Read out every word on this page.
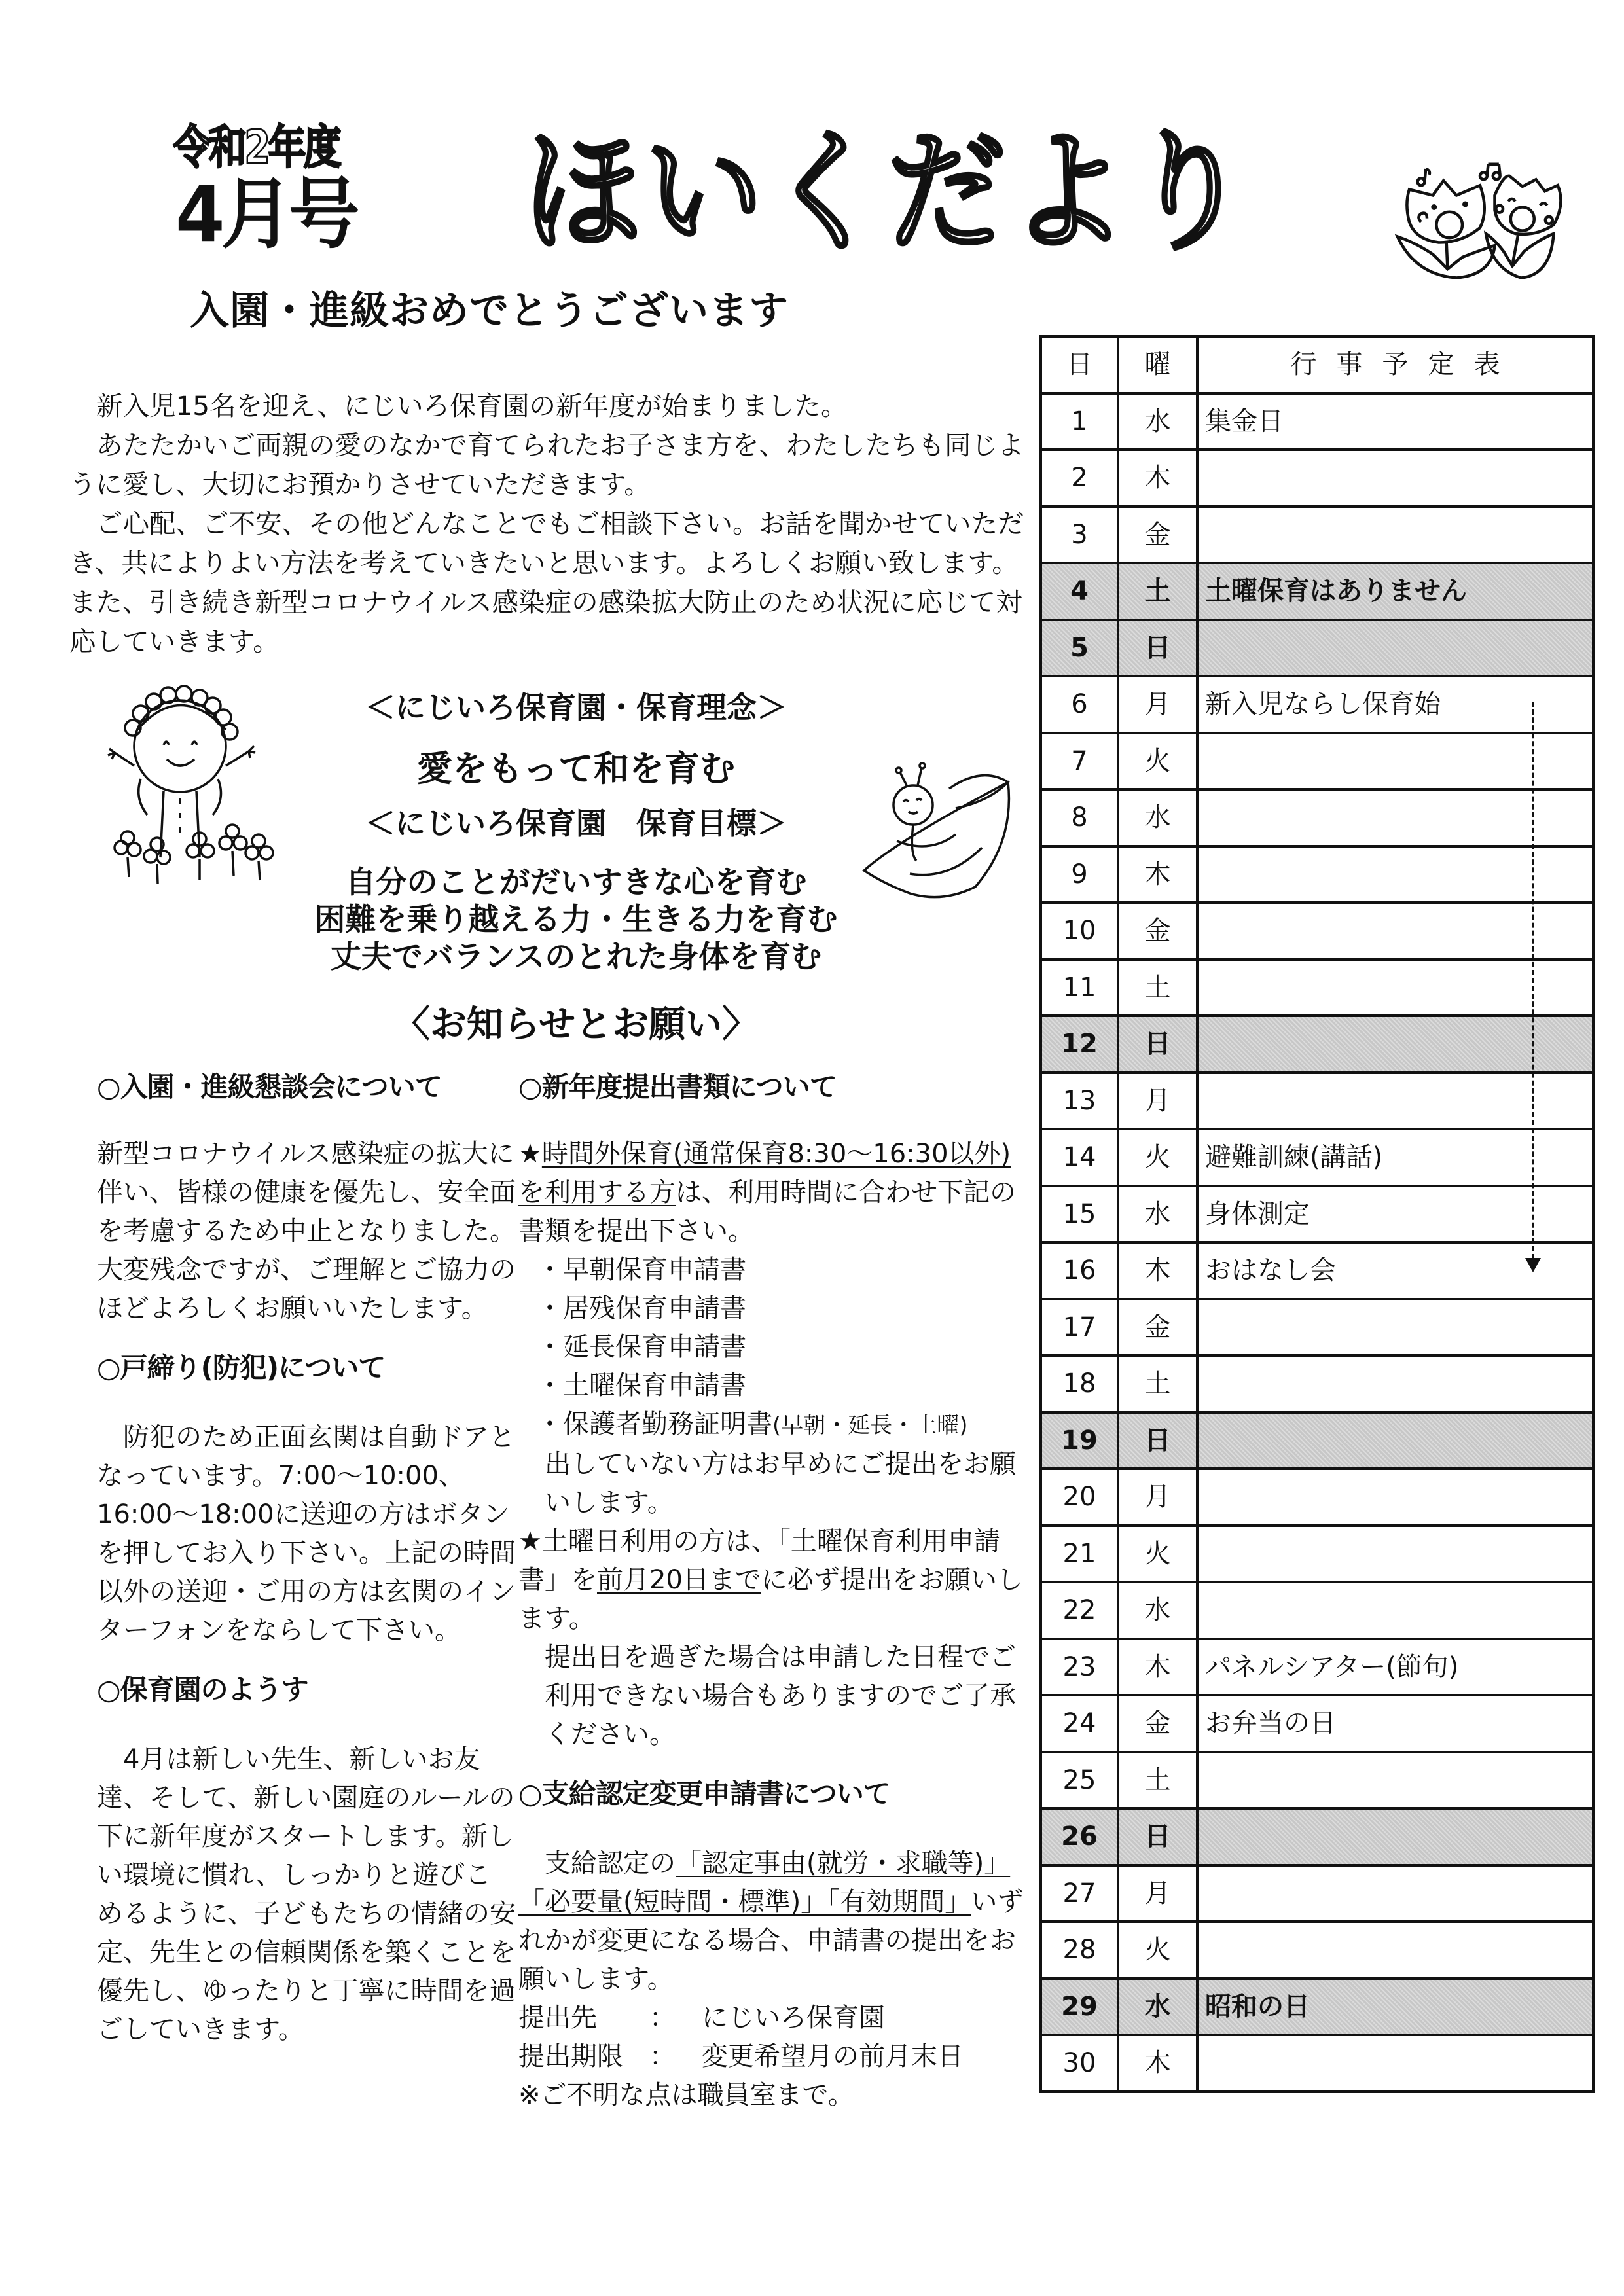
令和2年度
4月号 ほいくだより
入園・進級おめでとうございます

新入児15名を迎え、にじいろ保育園の新年度が始まりました。

あたたかいご両親の愛のなかで育てられたお子さま方を、わたしたちも同じように愛し、大切にお預かりさせていただきます。

ご心配、ご不安、その他どんなことでもご相談下さい。お話を聞かせていただき、共によりよい方法を考えていきたいと思います。よろしくお願い致します。また、引き続き新型コロナウイルス感染症の感染拡大防止のため状況に応じて対応していきます。

＜にじいろ保育園・保育理念＞
愛をもって和を育む
＜にじいろ保育園　保育目標＞
自分のことがだいすきな心を育む
困難を乗り越える力・生きる力を育む
丈夫でバランスのとれた身体を育む
〈お知らせとお願い〉
○入園・進級懇談会について

新型コロナウイルス感染症の拡大に伴い、皆様の健康を優先し、安全面を考慮するため中止となりました。大変残念ですが、ご理解とご協力のほどよろしくお願いいたします。

○戸締り(防犯)について

防犯のため正面玄関は自動ドアとなっています。7:00～10:00、16:00～18:00に送迎の方はボタンを押してお入り下さい。上記の時間以外の送迎・ご用の方は玄関のインターフォンをならして下さい。

○保育園のようす

4月は新しい先生、新しいお友達、そして、新しい園庭のルールの下に新年度がスタートします。新しい環境に慣れ、しっかりと遊びこめるように、子どもたちの情緒の安定、先生との信頼関係を築くことを優先し、ゆったりと丁寧に時間を過ごしていきます。

○新年度提出書類について

★時間外保育(通常保育8:30～16:30以外)を利用する方は、利用時間に合わせ下記の書類を提出下さい。

・早朝保育申請書
・居残保育申請書
・延長保育申請書
・土曜保育申請書
・保護者勤務証明書(早朝・延長・土曜)

出していない方はお早めにご提出をお願いします。

★土曜日利用の方は、「土曜保育利用申請書」を前月20日までに必ず提出をお願いします。

提出日を過ぎた場合は申請した日程でご利用できない場合もありますのでご了承ください。

○支給認定変更申請書について

支給認定の「認定事由(就労・求職等)」「必要量(短時間・標準)」「有効期間」いずれかが変更になる場合、申請書の提出をお願いします。

提出先	：	にじいろ保育園
提出期限	：	変更希望月の前月末日

※ご不明な点は職員室まで。

日	曜	行事予定表
1	水	集金日
2	木	
3	金	
4	土	土曜保育はありません
5	日	
6	月	新入児ならし保育始
7	火	
8	水	
9	木	
10	金	
11	土	
12	日	
13	月	
14	火	避難訓練(講話)
15	水	身体測定
16	木	おはなし会
17	金	
18	土	
19	日	
20	月	
21	火	
22	水	
23	木	パネルシアター(節句)
24	金	お弁当の日
25	土	
26	日	
27	月	
28	火	
29	水	昭和の日
30	木	
